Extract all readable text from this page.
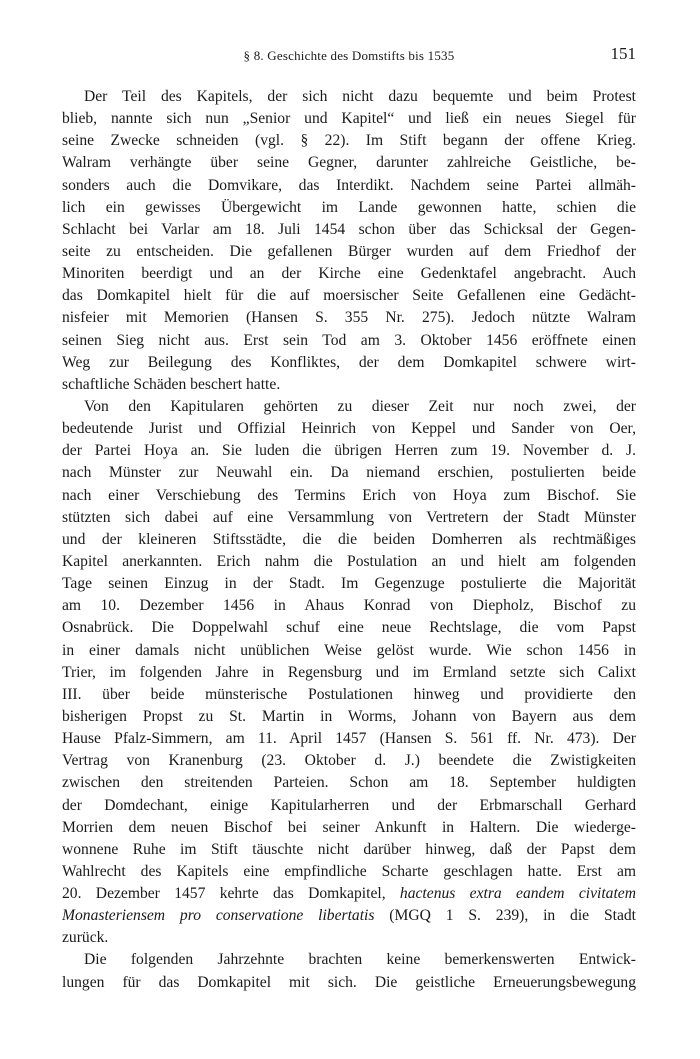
§ 8. Geschichte des Domstifts bis 1535	151
Der Teil des Kapitels, der sich nicht dazu bequemte und beim Protest
blieb, nannte sich nun „Senior und Kapitel“ und ließ ein neues Siegel für
seine Zwecke schneiden (vgl. § 22). Im Stift begann der offene Krieg.
Walram verhängte über seine Gegner, darunter zahlreiche Geistliche, be-
sonders auch die Domvikare, das Interdikt. Nachdem seine Partei allmäh-
lich ein gewisses Übergewicht im Lande gewonnen hatte, schien die
Schlacht bei Varlar am 18. Juli 1454 schon über das Schicksal der Gegen-
seite zu entscheiden. Die gefallenen Bürger wurden auf dem Friedhof der
Minoriten beerdigt und an der Kirche eine Gedenktafel angebracht. Auch
das Domkapitel hielt für die auf moersischer Seite Gefallenen eine Gedächt-
nisfeier mit Memorien (Hansen S. 355 Nr. 275). Jedoch nützte Walram
seinen Sieg nicht aus. Erst sein Tod am 3. Oktober 1456 eröffnete einen
Weg zur Beilegung des Konfliktes, der dem Domkapitel schwere wirt-
schaftliche Schäden beschert hatte.
Von den Kapitularen gehörten zu dieser Zeit nur noch zwei, der
bedeutende Jurist und Offizial Heinrich von Keppel und Sander von Oer,
der Partei Hoya an. Sie luden die übrigen Herren zum 19. November d. J.
nach Münster zur Neuwahl ein. Da niemand erschien, postulierten beide
nach einer Verschiebung des Termins Erich von Hoya zum Bischof. Sie
stützten sich dabei auf eine Versammlung von Vertretern der Stadt Münster
und der kleineren Stiftsstädte, die die beiden Domherren als rechtmäßiges
Kapitel anerkannten. Erich nahm die Postulation an und hielt am folgenden
Tage seinen Einzug in der Stadt. Im Gegenzuge postulierte die Majorität
am 10. Dezember 1456 in Ahaus Konrad von Diepholz, Bischof zu
Osnabrück. Die Doppelwahl schuf eine neue Rechtslage, die vom Papst
in einer damals nicht unüblichen Weise gelöst wurde. Wie schon 1456 in
Trier, im folgenden Jahre in Regensburg und im Ermland setzte sich Calixt
III. über beide münsterische Postulationen hinweg und providierte den
bisherigen Propst zu St. Martin in Worms, Johann von Bayern aus dem
Hause Pfalz-Simmern, am 11. April 1457 (Hansen S. 561 ff. Nr. 473). Der
Vertrag von Kranenburg (23. Oktober d. J.) beendete die Zwistigkeiten
zwischen den streitenden Parteien. Schon am 18. September huldigten
der Domdechant, einige Kapitularherren und der Erbmarschall Gerhard
Morrien dem neuen Bischof bei seiner Ankunft in Haltern. Die wiederge-
wonnene Ruhe im Stift täuschte nicht darüber hinweg, daß der Papst dem
Wahlrecht des Kapitels eine empfindliche Scharte geschlagen hatte. Erst am
20. Dezember 1457 kehrte das Domkapitel, hactenus extra eandem civitatem
Monasteriensem pro conservatione libertatis (MGQ 1 S. 239), in die Stadt
zurück.
Die folgenden Jahrzehnte brachten keine bemerkenswerten Entwick-
lungen für das Domkapitel mit sich. Die geistliche Erneuerungsbewegung
